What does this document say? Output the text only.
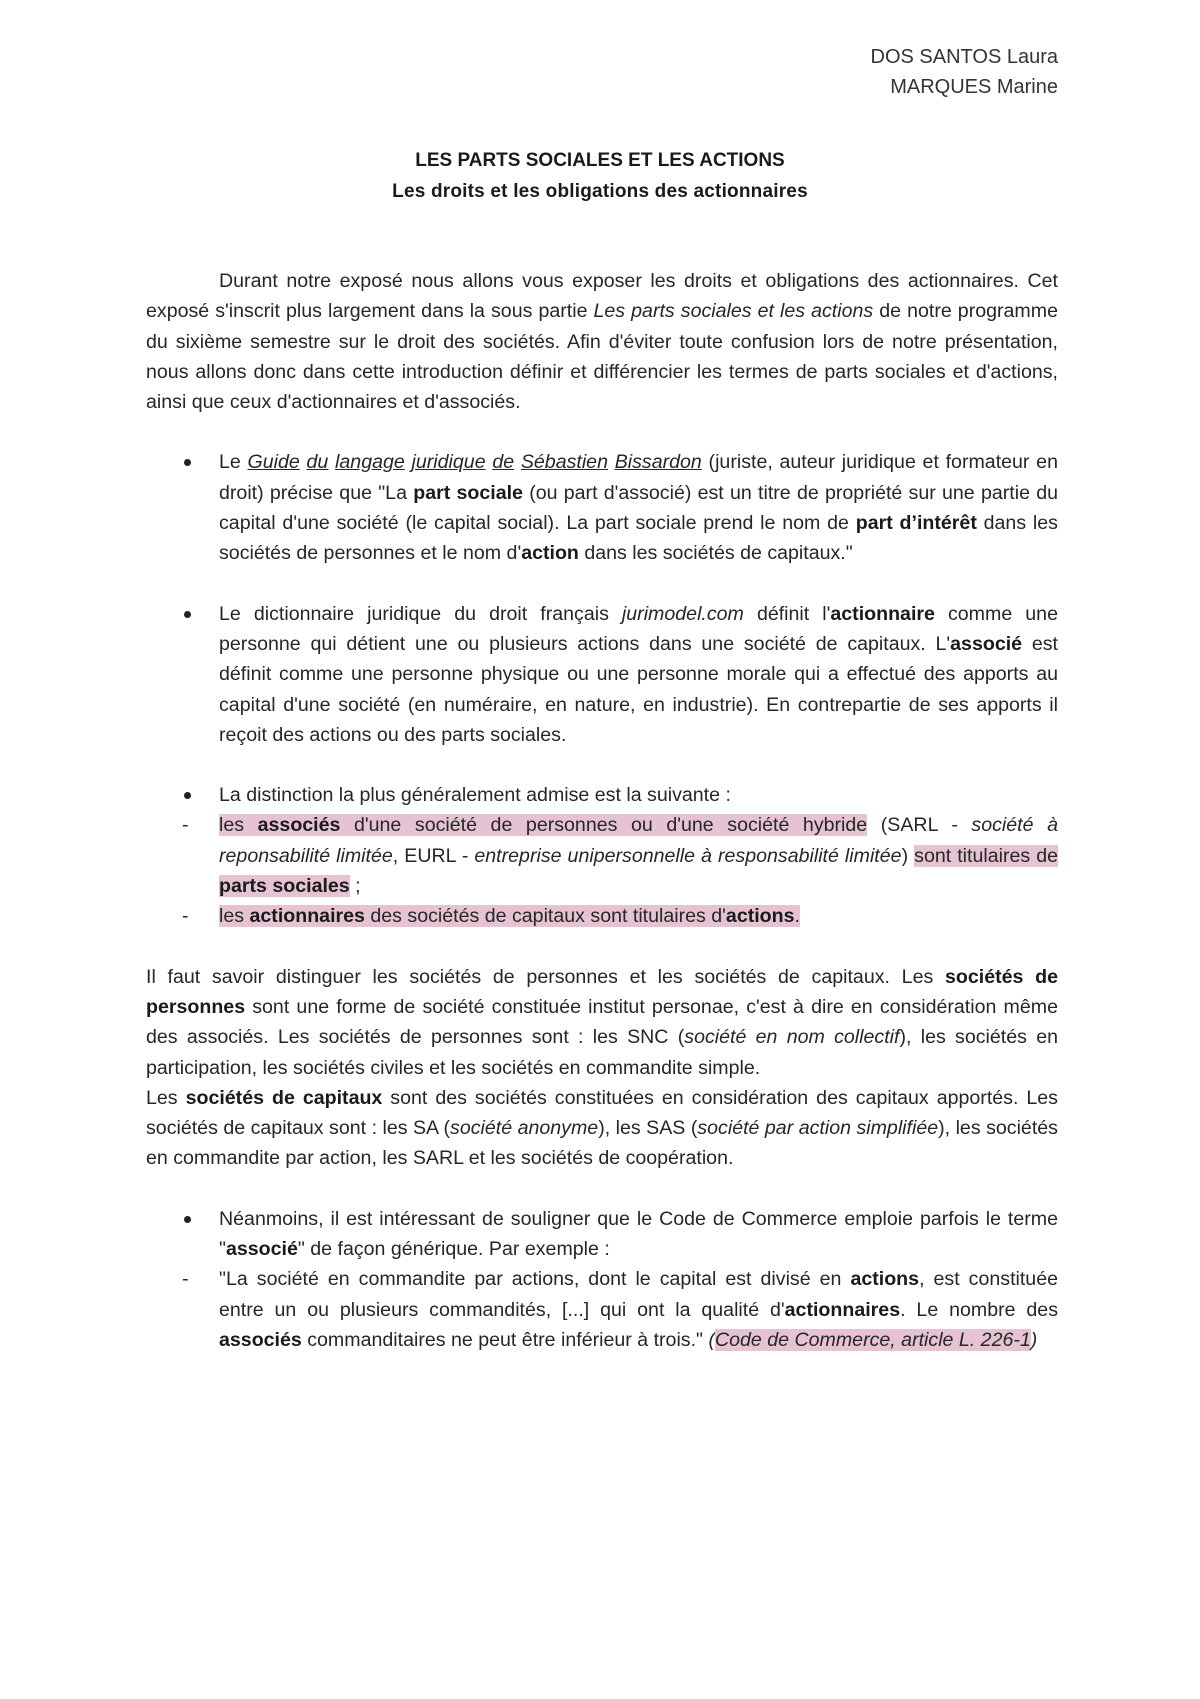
DOS SANTOS Laura
MARQUES Marine
LES PARTS SOCIALES ET LES ACTIONS
Les droits et les obligations des actionnaires

Durant notre exposé nous allons vous exposer les droits et obligations des actionnaires. Cet exposé s'inscrit plus largement dans la sous partie Les parts sociales et les actions de notre programme du sixième semestre sur le droit des sociétés. Afin d'éviter toute confusion lors de notre présentation, nous allons donc dans cette introduction définir et différencier les termes de parts sociales et d'actions, ainsi que ceux d'actionnaires et d'associés.

Le Guide du langage juridique de Sébastien Bissardon (juriste, auteur juridique et formateur en droit) précise que "La part sociale (ou part d'associé) est un titre de propriété sur une partie du capital d'une société (le capital social). La part sociale prend le nom de part d’intérêt dans les sociétés de personnes et le nom d'action dans les sociétés de capitaux."
Le dictionnaire juridique du droit français jurimodel.com définit l'actionnaire comme une personne qui détient une ou plusieurs actions dans une société de capitaux. L'associé est définit comme une personne physique ou une personne morale qui a effectué des apports au capital d'une société (en numéraire, en nature, en industrie). En contrepartie de ses apports il reçoit des actions ou des parts sociales.
La distinction la plus généralement admise est la suivante :
- les associés d'une société de personnes ou d'une société hybride (SARL - société à reponsabilité limitée, EURL - entreprise unipersonnelle à responsabilité limitée) sont titulaires de parts sociales ;
- les actionnaires des sociétés de capitaux sont titulaires d'actions.

Il faut savoir distinguer les sociétés de personnes et les sociétés de capitaux. Les sociétés de personnes sont une forme de société constituée institut personae, c'est à dire en considération même des associés. Les sociétés de personnes sont : les SNC (société en nom collectif), les sociétés en participation, les sociétés civiles et les sociétés en commandite simple.

Les sociétés de capitaux sont des sociétés constituées en considération des capitaux apportés. Les sociétés de capitaux sont : les SA (société anonyme), les SAS (société par action simplifiée), les sociétés en commandite par action, les SARL et les sociétés de coopération.

Néanmoins, il est intéressant de souligner que le Code de Commerce emploie parfois le terme "associé" de façon générique. Par exemple :
- "La société en commandite par actions, dont le capital est divisé en actions, est constituée entre un ou plusieurs commandités, [...] qui ont la qualité d'actionnaires. Le nombre des associés commanditaires ne peut être inférieur à trois." (Code de Commerce, article L. 226-1)
